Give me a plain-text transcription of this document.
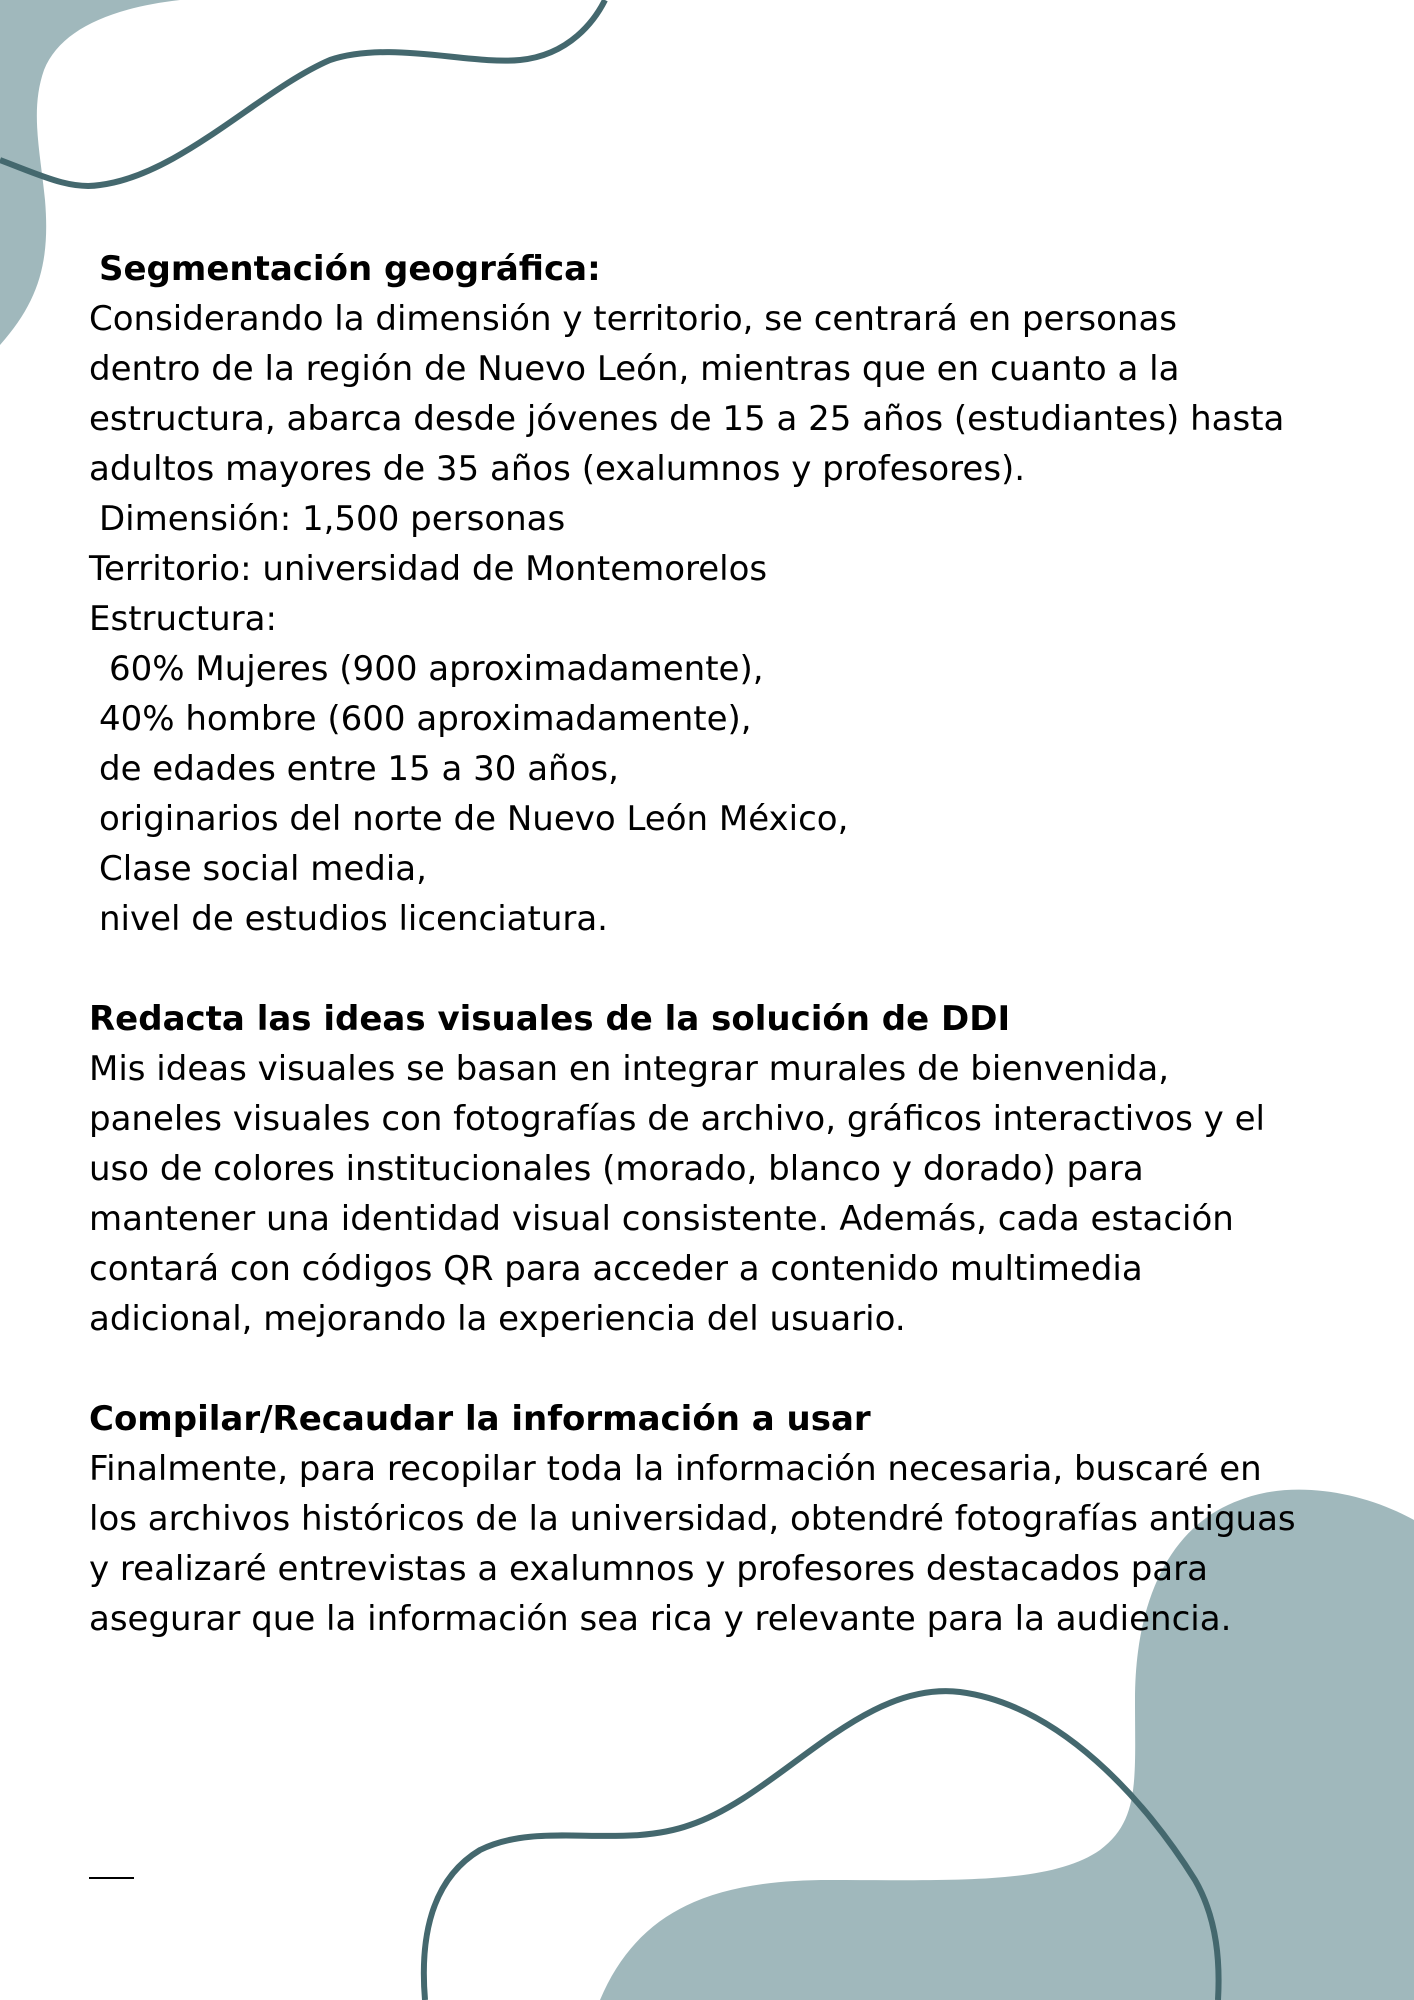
Segmentación geográfica:
Considerando la dimensión y territorio, se centrará en personas
dentro de la región de Nuevo León, mientras que en cuanto a la
estructura, abarca desde jóvenes de 15 a 25 años (estudiantes) hasta
adultos mayores de 35 años (exalumnos y profesores).
Dimensión: 1,500 personas
Territorio: universidad de Montemorelos
Estructura:
60% Mujeres (900 aproximadamente),
40% hombre (600 aproximadamente),
de edades entre 15 a 30 años,
originarios del norte de Nuevo León México,
Clase social media,
nivel de estudios licenciatura.
Redacta las ideas visuales de la solución de DDI
Mis ideas visuales se basan en integrar murales de bienvenida,
paneles visuales con fotografías de archivo, gráficos interactivos y el
uso de colores institucionales (morado, blanco y dorado) para
mantener una identidad visual consistente. Además, cada estación
contará con códigos QR para acceder a contenido multimedia
adicional, mejorando la experiencia del usuario.
Compilar/Recaudar la información a usar
Finalmente, para recopilar toda la información necesaria, buscaré en
los archivos históricos de la universidad, obtendré fotografías antiguas
y realizaré entrevistas a exalumnos y profesores destacados para
asegurar que la información sea rica y relevante para la audiencia.
